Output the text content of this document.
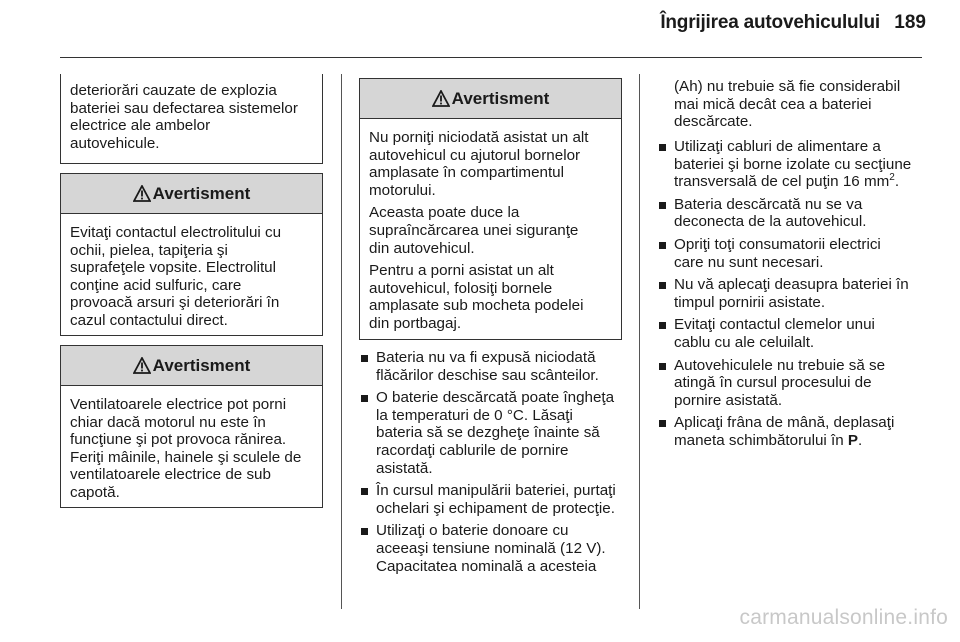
Îngrijirea autovehiculului 189
deteriorări cauzate de explozia
bateriei sau defectarea sistemelor
electrice ale ambelor
autovehicule.
Avertisment
Evitaţi contactul electrolitului cu
ochii, pielea, tapiţeria şi
suprafeţele vopsite. Electrolitul
conţine acid sulfuric, care
provoacă arsuri şi deteriorări în
cazul contactului direct.
Avertisment
Ventilatoarele electrice pot porni
chiar dacă motorul nu este în
funcţiune şi pot provoca rănirea.
Feriţi mâinile, hainele şi sculele de
ventilatoarele electrice de sub
capotă.
Avertisment

Nu porniţi niciodată asistat un alt
autovehicul cu ajutorul bornelor
amplasate în compartimentul
motorului.

Aceasta poate duce la
supraîncărcarea unei siguranţe
din autovehicul.

Pentru a porni asistat un alt
autovehicul, folosiţi bornele
amplasate sub mocheta podelei
din portbagaj.

Bateria nu va fi expusă niciodată
flăcărilor deschise sau scânteilor.
O baterie descărcată poate îngheţa
la temperaturi de 0 °C. Lăsaţi
bateria să se dezgheţe înainte să
racordaţi cablurile de pornire
asistată.
În cursul manipulării bateriei, purtaţi
ochelari şi echipament de protecţie.
Utilizaţi o baterie donoare cu
aceeaşi tensiune nominală (12 V).
Capacitatea nominală a acesteia
(Ah) nu trebuie să fie considerabil
mai mică decât cea a bateriei
descărcate.
Utilizaţi cabluri de alimentare a
bateriei şi borne izolate cu secţiune
transversală de cel puţin 16 $mm^2$.
Bateria descărcată nu se va
deconecta de la autovehicul.
Opriţi toţi consumatorii electrici
care nu sunt necesari.
Nu vă aplecaţi deasupra bateriei în
timpul pornirii asistate.
Evitaţi contactul clemelor unui
cablu cu ale celuilalt.
Autovehiculele nu trebuie să se
atingă în cursul procesului de
pornire asistată.
Aplicaţi frâna de mână, deplasaţi
maneta schimbătorului în P.
carmanualsonline.info
